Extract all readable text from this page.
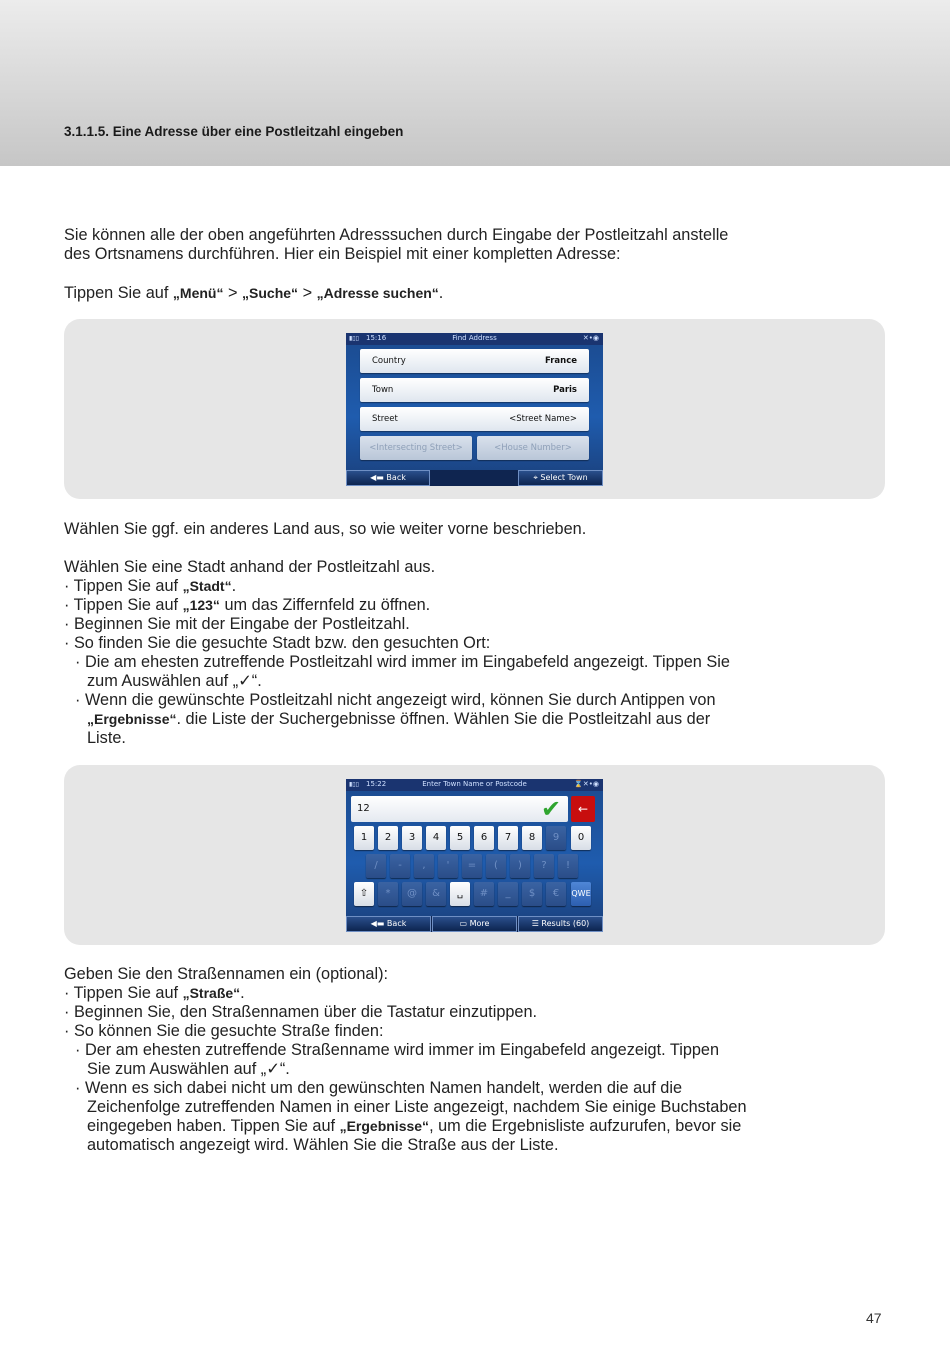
3.1.1.5. Eine Adresse über eine Postleitzahl eingeben
Sie können alle der oben angeführten Adresssuchen durch Eingabe der Postleitzahl anstelle
des Ortsnamens durchführen. Hier ein Beispiel mit einer kompletten Adresse:
Tippen Sie auf „Menü“ > „Suche“ > „Adresse suchen“.
▮▯▯ 15:16	Find Address	✕•◉
Country	France
Town	Paris
Street	<Street Name>
<Intersecting Street>	<House Number>
◀▬ Back	⌖ Select Town
Wählen Sie ggf. ein anderes Land aus, so wie weiter vorne beschrieben.
Wählen Sie eine Stadt anhand der Postleitzahl aus.
· Tippen Sie auf „Stadt“.
· Tippen Sie auf „123“ um das Ziffernfeld zu öffnen.
· Beginnen Sie mit der Eingabe der Postleitzahl.
· So finden Sie die gesuchte Stadt bzw. den gesuchten Ort:
· Die am ehesten zutreffende Postleitzahl wird immer im Eingabefeld angezeigt. Tippen Sie
zum Auswählen auf „✓“.
· Wenn die gewünschte Postleitzahl nicht angezeigt wird, können Sie durch Antippen von
„Ergebnisse“. die Liste der Suchergebnisse öffnen. Wählen Sie die Postleitzahl aus der
Liste.
▮▯▯ 15:22	Enter Town Name or Postcode	⌛✕•◉
12	✔	←
1	2	3	4	5	6	7	8	9	0
/	-	,	'	=	(	)	?	!
⇧	*	@	&	␣	#	_	$	€	QWE
◀▬ Back	▭ More	☰ Results (60)
Geben Sie den Straßennamen ein (optional):
· Tippen Sie auf „Straße“.
· Beginnen Sie, den Straßennamen über die Tastatur einzutippen.
· So können Sie die gesuchte Straße finden:
· Der am ehesten zutreffende Straßenname wird immer im Eingabefeld angezeigt. Tippen
Sie zum Auswählen auf „✓“.
· Wenn es sich dabei nicht um den gewünschten Namen handelt, werden die auf die
Zeichenfolge zutreffenden Namen in einer Liste angezeigt, nachdem Sie einige Buchstaben
eingegeben haben. Tippen Sie auf „Ergebnisse“, um die Ergebnisliste aufzurufen, bevor sie
automatisch angezeigt wird. Wählen Sie die Straße aus der Liste.
47
